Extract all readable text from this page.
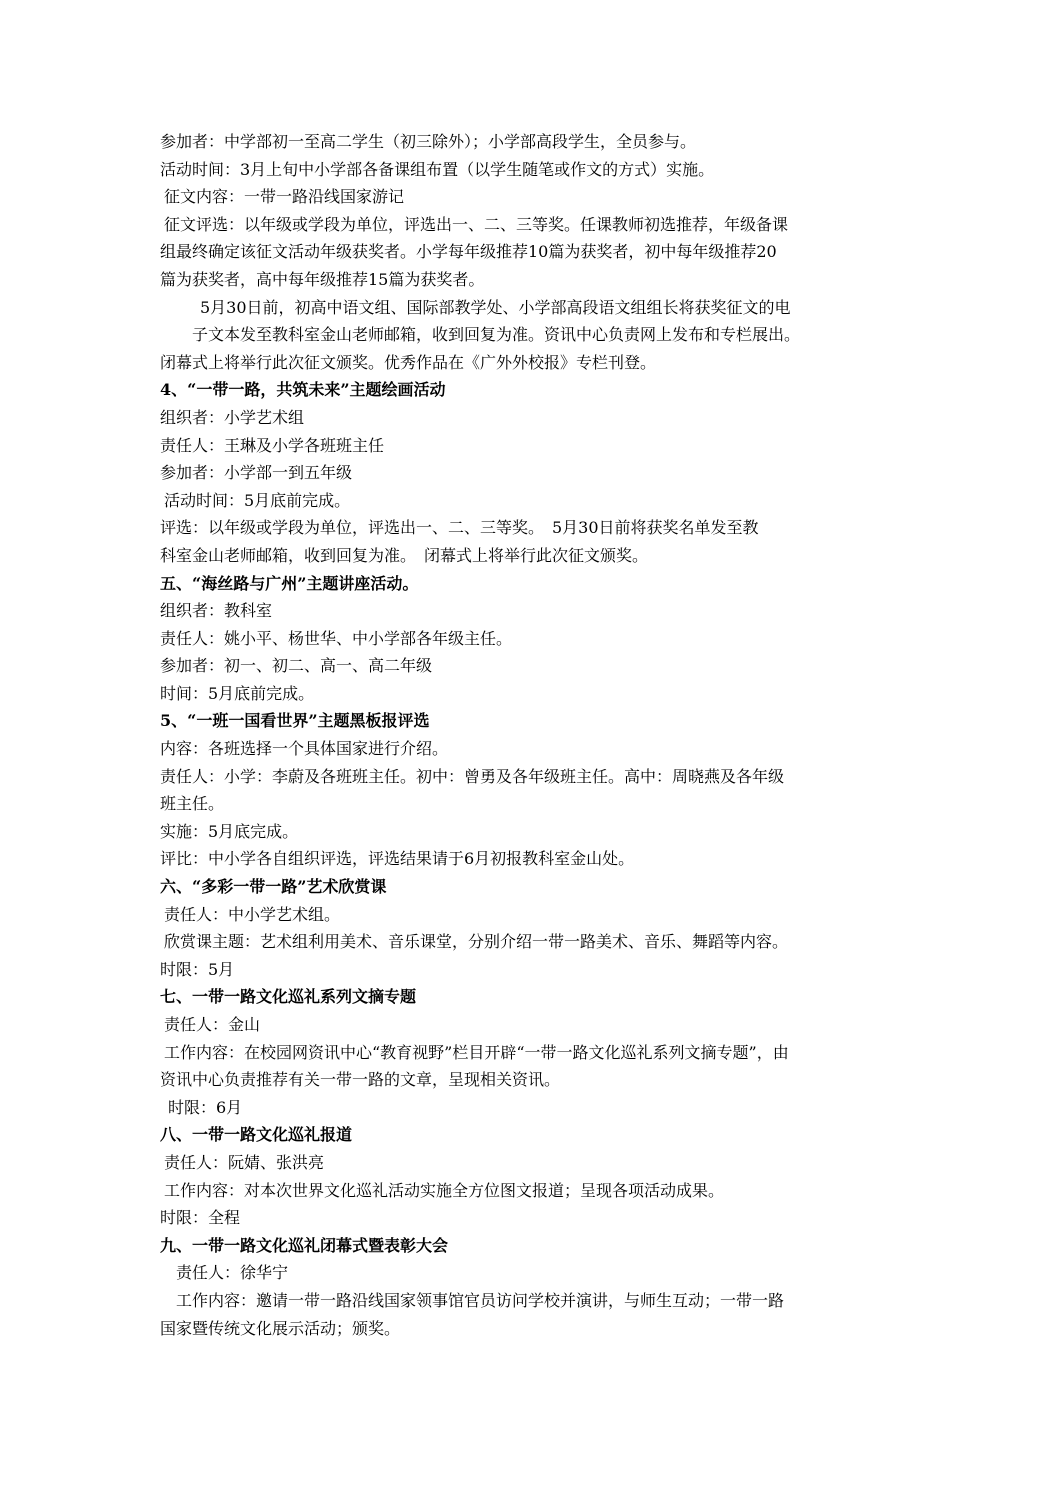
参加者：中学部初一至高二学生（初三除外）；小学部高段学生，全员参与。
活动时间：3月上旬中小学部各备课组布置（以学生随笔或作文的方式）实施。
征文内容：一带一路沿线国家游记
征文评选：以年级或学段为单位，评选出一、二、三等奖。任课教师初选推荐，年级备课
组最终确定该征文活动年级获奖者。小学每年级推荐10篇为获奖者，初中每年级推荐20
篇为获奖者，高中每年级推荐15篇为获奖者。
5月30日前，初高中语文组、国际部教学处、小学部高段语文组组长将获奖征文的电
子文本发至教科室金山老师邮箱，收到回复为准。资讯中心负责网上发布和专栏展出。
闭幕式上将举行此次征文颁奖。优秀作品在《广外外校报》专栏刊登。
4、“一带一路，共筑未来”主题绘画活动
组织者：小学艺术组
责任人：王琳及小学各班班主任
参加者：小学部一到五年级
活动时间：5月底前完成。
评选：以年级或学段为单位，评选出一、二、三等奖。　5月30日前将获奖名单发至教
科室金山老师邮箱，收到回复为准。　闭幕式上将举行此次征文颁奖。
五、“海丝路与广州”主题讲座活动。
组织者：教科室
责任人：姚小平、杨世华、中小学部各年级主任。
参加者：初一、初二、高一、高二年级
时间：5月底前完成。
5、“一班一国看世界”主题黑板报评选
内容：各班选择一个具体国家进行介绍。
责任人：小学：李蔚及各班班主任。初中：曾勇及各年级班主任。高中：周晓燕及各年级
班主任。
实施：5月底完成。
评比：中小学各自组织评选，评选结果请于6月初报教科室金山处。
六、“多彩一带一路”艺术欣赏课
责任人：中小学艺术组。
欣赏课主题：艺术组利用美术、音乐课堂，分别介绍一带一路美术、音乐、舞蹈等内容。
时限：5月
七、一带一路文化巡礼系列文摘专题
责任人：金山
工作内容：在校园网资讯中心“教育视野”栏目开辟“一带一路文化巡礼系列文摘专题”，由
资讯中心负责推荐有关一带一路的文章，呈现相关资讯。
时限：6月
八、一带一路文化巡礼报道
责任人：阮婧、张洪亮
工作内容：对本次世界文化巡礼活动实施全方位图文报道；呈现各项活动成果。
时限：全程
九、一带一路文化巡礼闭幕式暨表彰大会
责任人：徐华宁
工作内容：邀请一带一路沿线国家领事馆官员访问学校并演讲，与师生互动；一带一路
国家暨传统文化展示活动；颁奖。
